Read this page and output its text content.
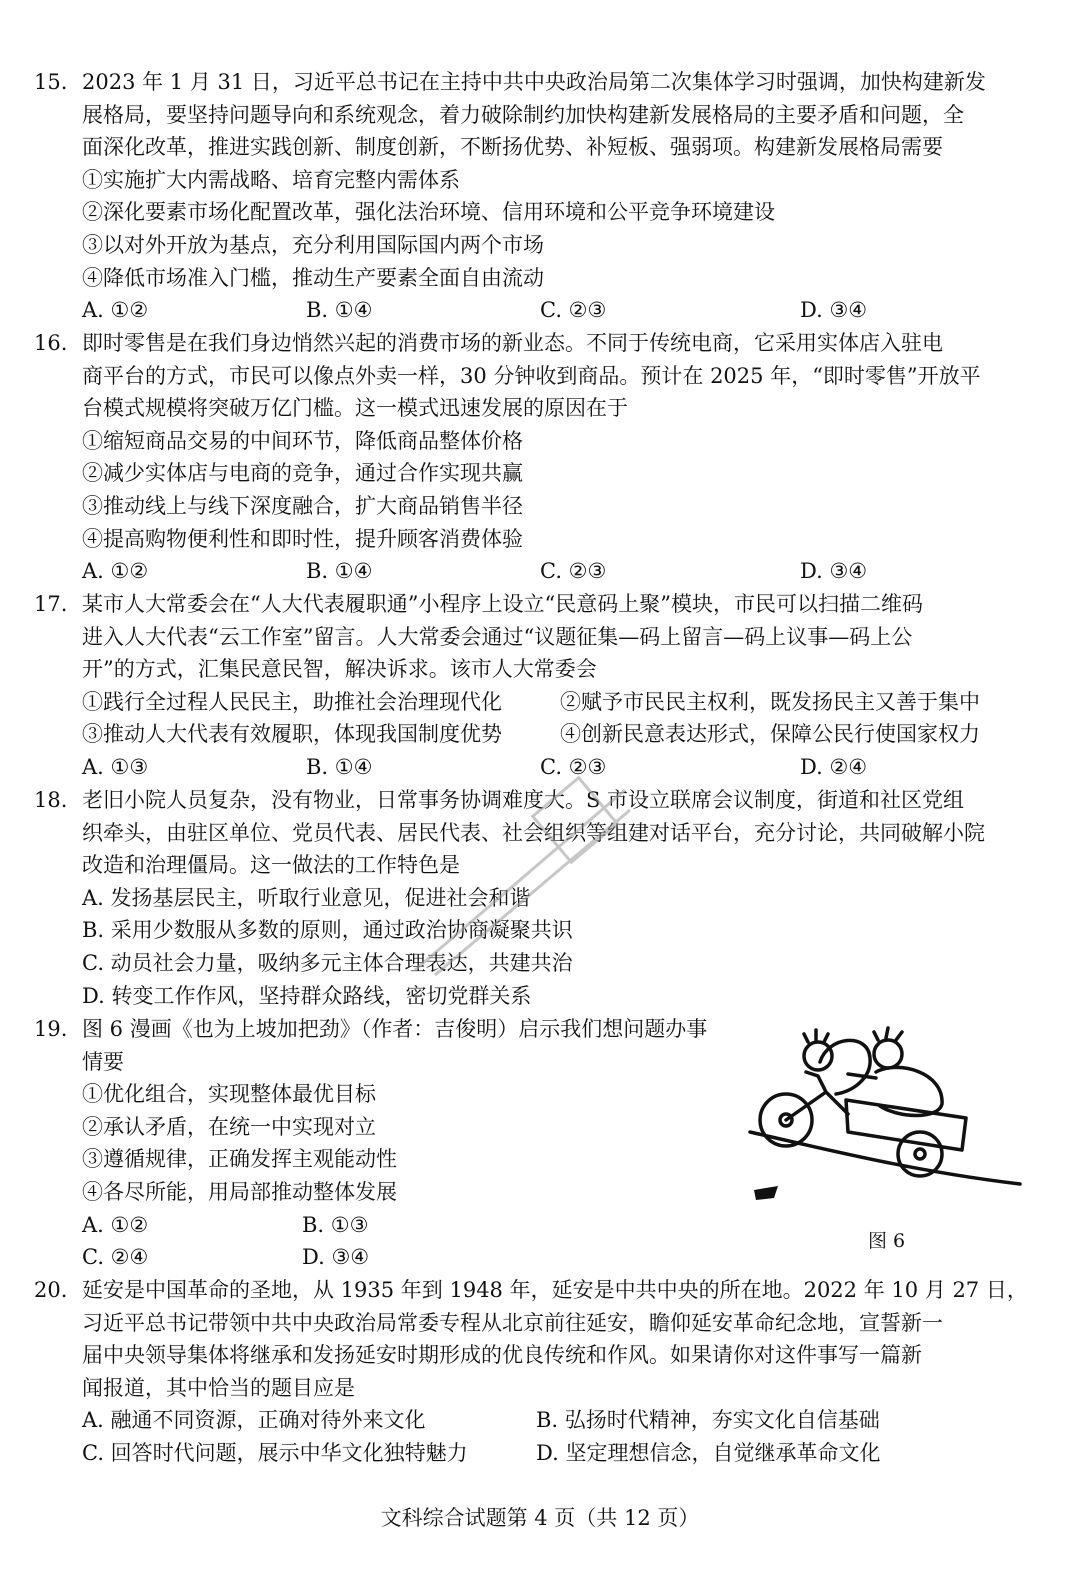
15. 2023 年 1 月 31 日，习近平总书记在主持中共中央政治局第二次集体学习时强调，加快构建新发
展格局，要坚持问题导向和系统观念，着力破除制约加快构建新发展格局的主要矛盾和问题，全
面深化改革，推进实践创新、制度创新，不断扬优势、补短板、强弱项。构建新发展格局需要
①实施扩大内需战略、培育完整内需体系
②深化要素市场化配置改革，强化法治环境、信用环境和公平竞争环境建设
③以对外开放为基点，充分利用国际国内两个市场
④降低市场准入门槛，推动生产要素全面自由流动
A. ①②	B. ①④	C. ②③	D. ③④
16. 即时零售是在我们身边悄然兴起的消费市场的新业态。不同于传统电商，它采用实体店入驻电
商平台的方式，市民可以像点外卖一样，30 分钟收到商品。预计在 2025 年，“即时零售”开放平
台模式规模将突破万亿门槛。这一模式迅速发展的原因在于
①缩短商品交易的中间环节，降低商品整体价格
②减少实体店与电商的竞争，通过合作实现共赢
③推动线上与线下深度融合，扩大商品销售半径
④提高购物便利性和即时性，提升顾客消费体验
A. ①②	B. ①④	C. ②③	D. ③④
17. 某市人大常委会在“人大代表履职通”小程序上设立“民意码上聚”模块，市民可以扫描二维码
进入人大代表“云工作室”留言。人大常委会通过“议题征集—码上留言—码上议事—码上公
开”的方式，汇集民意民智，解决诉求。该市人大常委会
①践行全过程人民民主，助推社会治理现代化	②赋予市民民主权利，既发扬民主又善于集中
③推动人大代表有效履职，体现我国制度优势	④创新民意表达形式，保障公民行使国家权力
A. ①③	B. ①④	C. ②③	D. ②④
18. 老旧小院人员复杂，没有物业，日常事务协调难度大。S 市设立联席会议制度，街道和社区党组
织牵头，由驻区单位、党员代表、居民代表、社会组织等组建对话平台，充分讨论，共同破解小院
改造和治理僵局。这一做法的工作特色是
A. 发扬基层民主，听取行业意见，促进社会和谐
B. 采用少数服从多数的原则，通过政治协商凝聚共识
C. 动员社会力量，吸纳多元主体合理表达，共建共治
D. 转变工作作风，坚持群众路线，密切党群关系
19. 图 6 漫画《也为上坡加把劲》（作者：吉俊明）启示我们想问题办事
情要
①优化组合，实现整体最优目标
②承认矛盾，在统一中实现对立
③遵循规律，正确发挥主观能动性
④各尽所能，用局部推动整体发展
A. ①②	B. ①③
C. ②④	D. ③④
图 6
20. 延安是中国革命的圣地，从 1935 年到 1948 年，延安是中共中央的所在地。2022 年 10 月 27 日，
习近平总书记带领中共中央政治局常委专程从北京前往延安，瞻仰延安革命纪念地，宣誓新一
届中央领导集体将继承和发扬延安时期形成的优良传统和作风。如果请你对这件事写一篇新
闻报道，其中恰当的题目应是
A. 融通不同资源，正确对待外来文化	B. 弘扬时代精神，夯实文化自信基础
C. 回答时代问题，展示中华文化独特魅力	D. 坚定理想信念，自觉继承革命文化
文科综合试题第 4 页（共 12 页）
